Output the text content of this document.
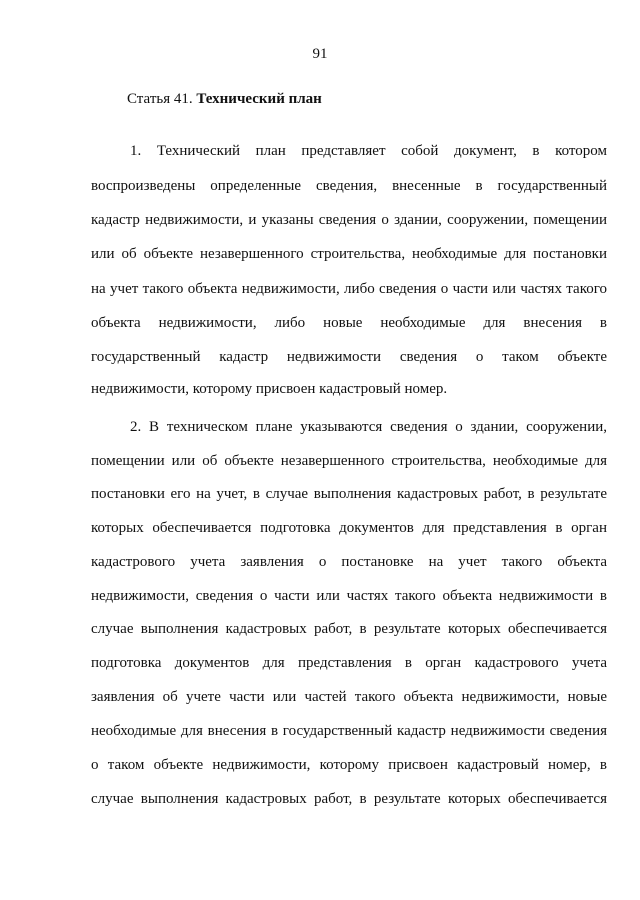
91
Статья 41. Технический план
1. Технический план представляет собой документ, в котором
воспроизведены определенные сведения, внесенные в государственный
кадастр недвижимости, и указаны сведения о здании, сооружении, помещении
или об объекте незавершенного строительства, необходимые для постановки
на учет такого объекта недвижимости, либо сведения о части или частях такого
объекта недвижимости, либо новые необходимые для внесения в
государственный кадастр недвижимости сведения о таком объекте
недвижимости, которому присвоен кадастровый номер.
2. В техническом плане указываются сведения о здании, сооружении,
помещении или об объекте незавершенного строительства, необходимые для
постановки его на учет, в случае выполнения кадастровых работ, в результате
которых обеспечивается подготовка документов для представления в орган
кадастрового учета заявления о постановке на учет такого объекта
недвижимости, сведения о части или частях такого объекта недвижимости в
случае выполнения кадастровых работ, в результате которых обеспечивается
подготовка документов для представления в орган кадастрового учета
заявления об учете части или частей такого объекта недвижимости, новые
необходимые для внесения в государственный кадастр недвижимости сведения
о таком объекте недвижимости, которому присвоен кадастровый номер, в
случае выполнения кадастровых работ, в результате которых обеспечивается
